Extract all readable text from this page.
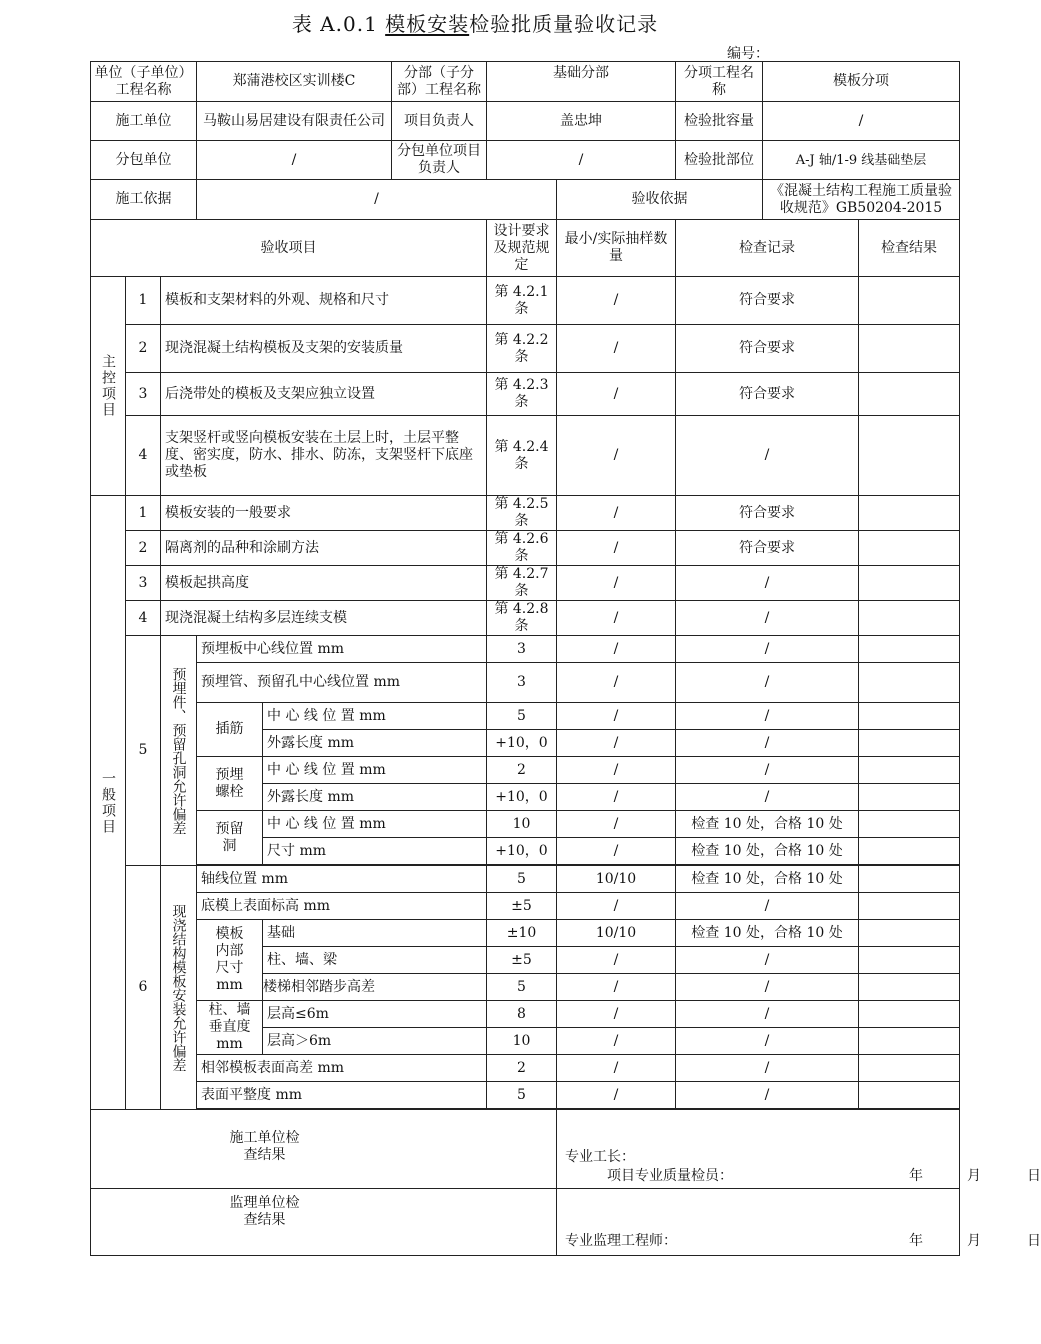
表 A.0.1 模板安装检验批质量验收记录
编号：
单位（子单位）工程名称			郑蒲港校区实训楼C		分部（子分部）工程名称	基础分部		分项工程名　　称	模板分项	
施工单位			马鞍山易居建设有限责任公司		项目负责人	盖忠坤		检验批容量	/	
分包单位			/		分包单位项目负责人	/		检验批部位	A-J 轴/1-9 线基础垫层	
施工依据			/				验收依据		《混凝土结构工程施工质量验收规范》GB50204-2015	
验收项目						设计要求及规范规定	最小/实际抽样数量	检查记录		检查结果
主控项目	1	模板和支架材料的外观、规格和尺寸				第 4.2.1 条	/	符合要求		
	2	现浇混凝土结构模板及支架的安装质量				第 4.2.2 条	/	符合要求		
	3	后浇带处的模板及支架应独立设置				第 4.2.3 条	/	符合要求		
	4	支架竖杆或竖向模板安装在土层上时，土层平整度、密实度，防水、排水、防冻，支架竖杆下底座或垫板				第 4.2.4 条	/	/		
一般项目	1	模板安装的一般要求				第 4.2.5 条	/	符合要求		
	2	隔离剂的品种和涂刷方法				第 4.2.6 条	/	符合要求		
	3	模板起拱高度				第 4.2.7 条	/	/		
	4	现浇混凝土结构多层连续支模				第 4.2.8 条	/	/		
	5	预埋件、预留孔洞允许偏差	预埋板中心线位置 mm			3	/	/		
			预埋管、预留孔中心线位置 mm			3	/	/		
			插筋	中 心 线 位 置 mm		5	/	/		
				外露长度 mm		+10，0	/	/		
			预埋螺栓	中 心 线 位 置 mm		2	/	/		
				外露长度 mm		+10，0	/	/		
			预留洞	中 心 线 位 置 mm		10	/	检查 10 处，合格 10 处		
				尺寸 mm		+10，0	/	检查 10 处，合格 10 处		

	6	现浇结构模板安装允许偏差	轴线位置 mm			5	10/10	检查 10 处，合格 10 处		
			底模上表面标高 mm			±5	/	/		
			模板内部尺寸 mm	基础		±10	10/10	检查 10 处，合格 10 处		
				柱、墙、梁		±5	/	/		
				楼梯相邻踏步高差		5	/	/		
			柱、墙垂直度 mm	层高≤6m		8	/	/		
				层高＞6m		10	/	/		
			相邻模板表面高差 mm			2	/	/		
			表面平整度 mm			5	/	/		

施工单位检查结果							专业工长：
项目专业质量检员： 年 月 日			

监理单位检查结果							专业监理工程师： 年 月 日			
